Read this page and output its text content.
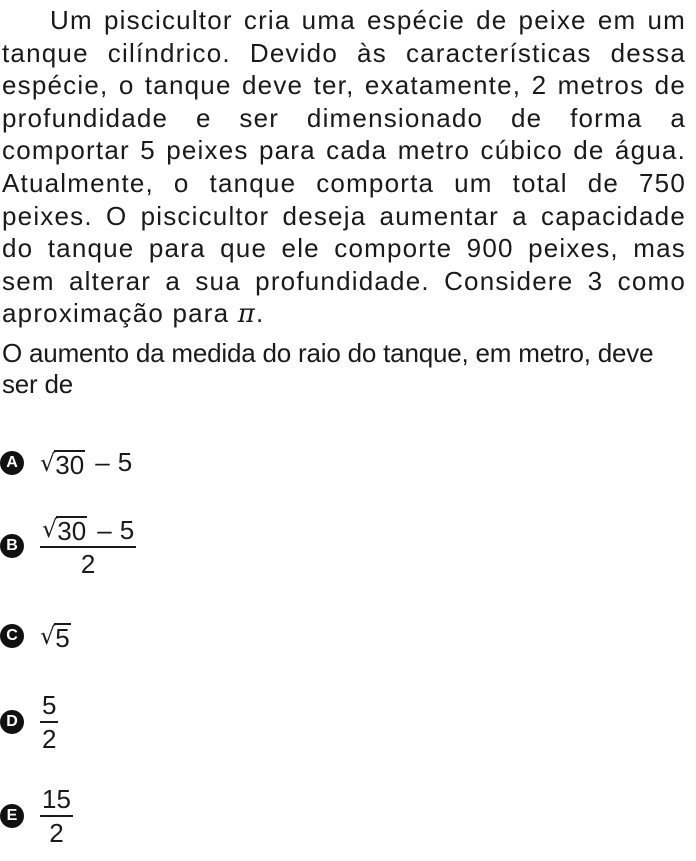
Um piscicultor cria uma espécie de peixe em um tanque cilíndrico. Devido às características dessa espécie, o tanque deve ter, exatamente, 2 metros de profundidade e ser dimensionado de forma a comportar 5 peixes para cada metro cúbico de água. Atualmente, o tanque comporta um total de 750 peixes. O piscicultor deseja aumentar a capacidade do tanque para que ele comporte 900 peixes, mas sem alterar a sua profundidade. Considere 3 como aproximação para π.

O aumento da medida do raio do tanque, em metro, deve ser de

A √ 30 – 5
B $\frac{√ 30 - 5}{2}$
C √ 5
D $\frac{5}{2}$
E $\frac{15}{2}$
